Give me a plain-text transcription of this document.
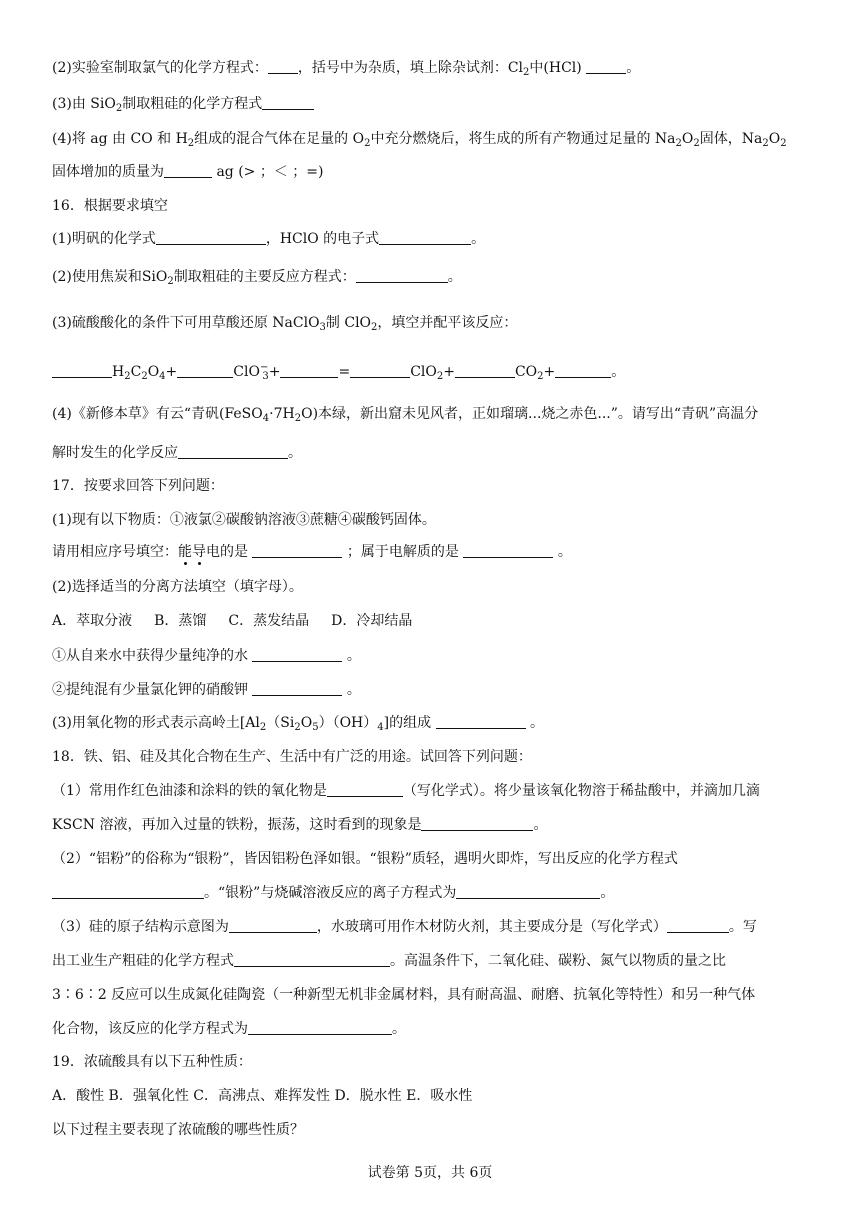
(2)实验室制取氯气的化学方程式： ，括号中为杂质，填上除杂试剂：$Cl_2$中(HCl)	。
(3)由 SiO$_2$制取粗硅的化学方程式
(4)将 ag 由 CO 和 $H_2$组成的混合气体在足量的 $O_2$中充分燃烧后，将生成的所有产物通过足量的 $Na_2O_2$固体，$Na_2O_2$
固体增加的质量为	ag (> ；＜ ；=)
16．根据要求填空
(1)明矾的化学式	，HClO 的电子式	。
(2)使用焦炭和SiO$_2$制取粗硅的主要反应方程式：	。
(3)硫酸酸化的条件下可用草酸还原 NaClO$_3$制 ClO$_2$，填空并配平该反应：
$H_2C_2O_4+$	ClO−$_3$+	=	ClO$_2$+	$CO_2+$	。
(4)《新修本草》有云“青矾$(FeSO_4\cdot 7H_2O)$本绿，新出窟未见风者，正如瑠璃...烧之赤色...”。请写出“青矾”高温分
解时发生的化学反应	。
17．按要求回答下列问题：
(1)现有以下物质：①液氯②碳酸钠溶液③蔗糖④碳酸钙固体。
请用相应序号填空：能导电的是	；属于电解质的是	。
(2)选择适当的分离方法填空（填字母）。
A．萃取分液 B．蒸馏 C．蒸发结晶 D．冷却结晶
①从自来水中获得少量纯净的水	。
②提纯混有少量氯化钾的硝酸钾	。
(3)用氧化物的形式表示高岭土$[Al_2(Si_2O_5)(OH)_4]$的组成	。
18．铁、铝、硅及其化合物在生产、生活中有广泛的用途。试回答下列问题：
（1）常用作红色油漆和涂料的铁的氧化物是	（写化学式）。将少量该氧化物溶于稀盐酸中，并滴加几滴
KSCN 溶液，再加入过量的铁粉，振荡，这时看到的现象是	。
（2）“铝粉”的俗称为“银粉”，皆因铝粉色泽如银。“银粉”质轻，遇明火即炸，写出反应的化学方程式
。“银粉”与烧碱溶液反应的离子方程式为	。
（3）硅的原子结构示意图为	，水玻璃可用作木材防火剂，其主要成分是（写化学式）	。写
出工业生产粗硅的化学方程式	。高温条件下，二氧化硅、碳粉、氮气以物质的量之比
3∶6∶2 反应可以生成氮化硅陶瓷（一种新型无机非金属材料，具有耐高温、耐磨、抗氧化等特性）和另一种气体
化合物，该反应的化学方程式为	。
19．浓硫酸具有以下五种性质：
A．酸性 B．强氧化性 C．高沸点、难挥发性 D．脱水性 E．吸水性
以下过程主要表现了浓硫酸的哪些性质？
试卷第 5页，共 6页
